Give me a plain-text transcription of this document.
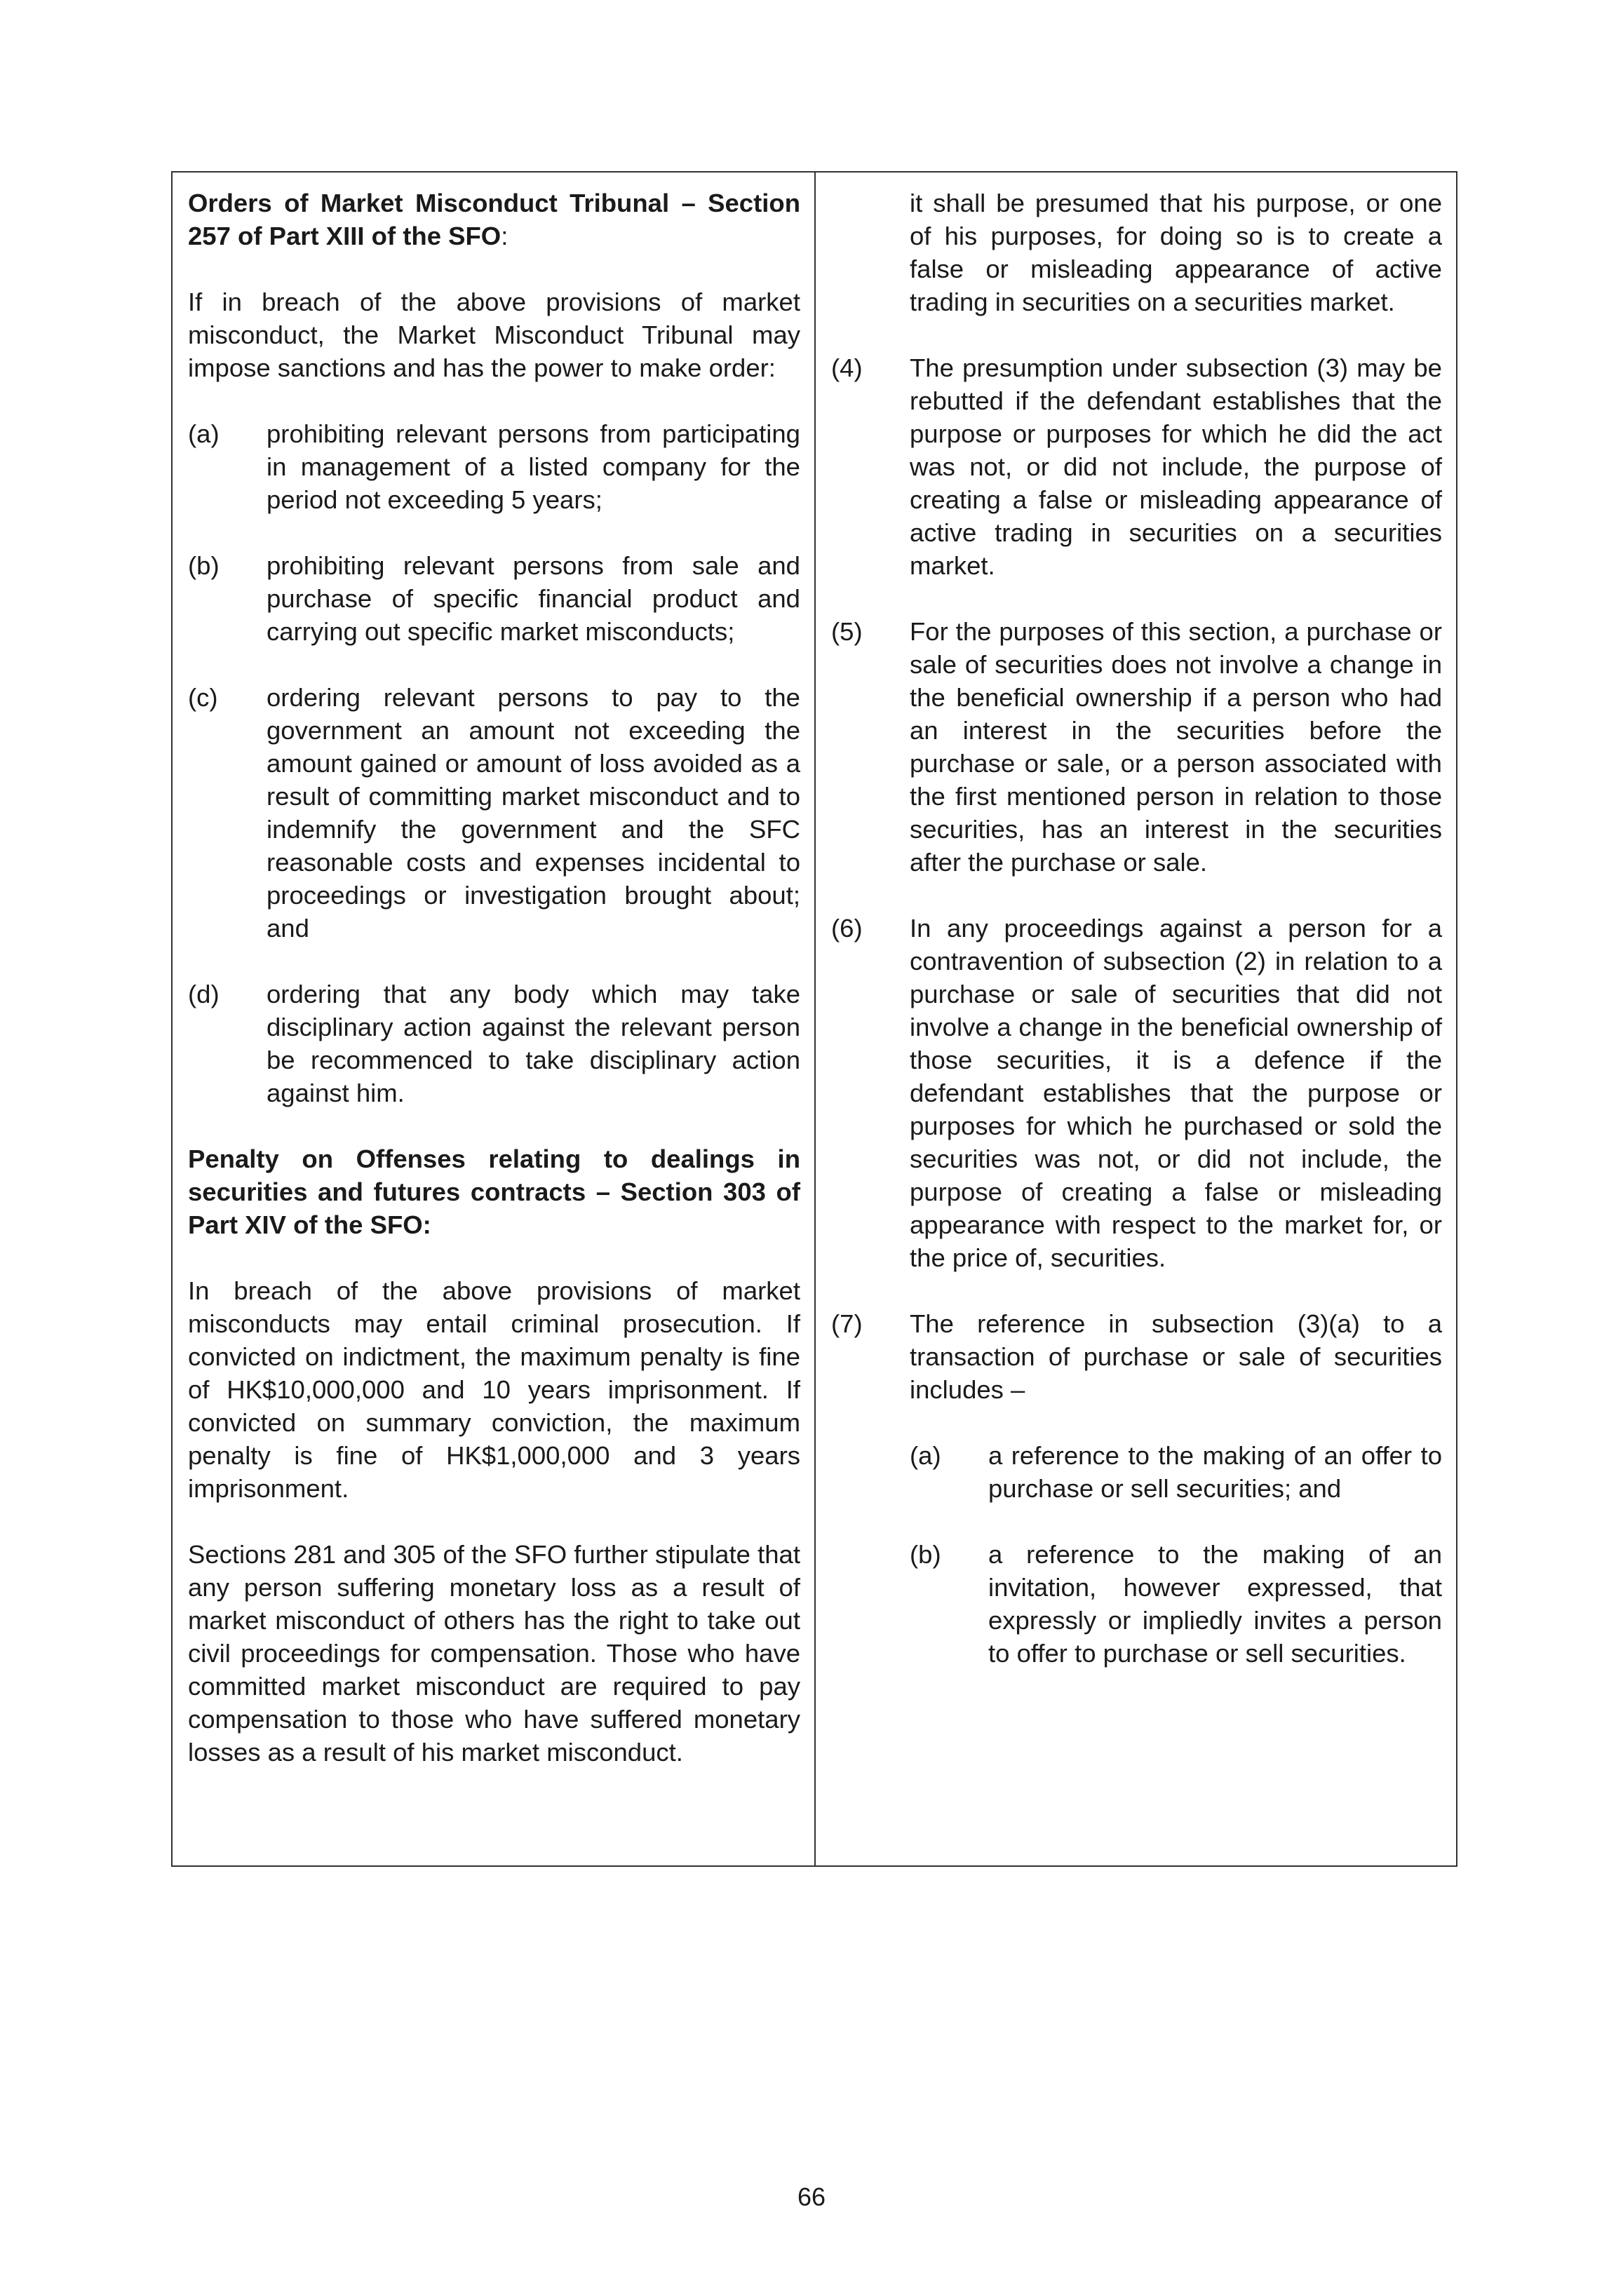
Orders of Market Misconduct Tribunal – Section 257 of Part XIII of the SFO:

If in breach of the above provisions of market misconduct, the Market Misconduct Tribunal may impose sanctions and has the power to make order:

(a)	prohibiting relevant persons from participating in management of a listed company for the period not exceeding 5 years;
(b)	prohibiting relevant persons from sale and purchase of specific financial product and carrying out specific market misconducts;
(c)	ordering relevant persons to pay to the government an amount not exceeding the amount gained or amount of loss avoided as a result of committing market misconduct and to indemnify the government and the SFC reasonable costs and expenses incidental to proceedings or investigation brought about; and
(d)	ordering that any body which may take disciplinary action against the relevant person be recommenced to take disciplinary action against him.

Penalty on Offenses relating to dealings in securities and futures contracts – Section 303 of Part XIV of the SFO:

In breach of the above provisions of market misconducts may entail criminal prosecution. If convicted on indictment, the maximum penalty is fine of HK$10,000,000 and 10 years imprisonment. If convicted on summary conviction, the maximum penalty is fine of HK$1,000,000 and 3 years imprisonment.

Sections 281 and 305 of the SFO further stipulate that any person suffering monetary loss as a result of market misconduct of others has the right to take out civil proceedings for compensation. Those who have committed market misconduct are required to pay compensation to those who have suffered monetary losses as a result of his market misconduct.

it shall be presumed that his purpose, or one of his purposes, for doing so is to create a false or misleading appearance of active trading in securities on a securities market.

(4)	The presumption under subsection (3) may be rebutted if the defendant establishes that the purpose or purposes for which he did the act was not, or did not include, the purpose of creating a false or misleading appearance of active trading in securities on a securities market.
(5)	For the purposes of this section, a purchase or sale of securities does not involve a change in the beneficial ownership if a person who had an interest in the securities before the purchase or sale, or a person associated with the first mentioned person in relation to those securities, has an interest in the securities after the purchase or sale.
(6)	In any proceedings against a person for a contravention of subsection (2) in relation to a purchase or sale of securities that did not involve a change in the beneficial ownership of those securities, it is a defence if the defendant establishes that the purpose or purposes for which he purchased or sold the securities was not, or did not include, the purpose of creating a false or misleading appearance with respect to the market for, or the price of, securities.
(7)	The reference in subsection (3)(a) to a transaction of purchase or sale of securities includes –
(a)	a reference to the making of an offer to purchase or sell securities; and
(b)	a reference to the making of an invitation, however expressed, that expressly or impliedly invites a person to offer to purchase or sell securities.
66
